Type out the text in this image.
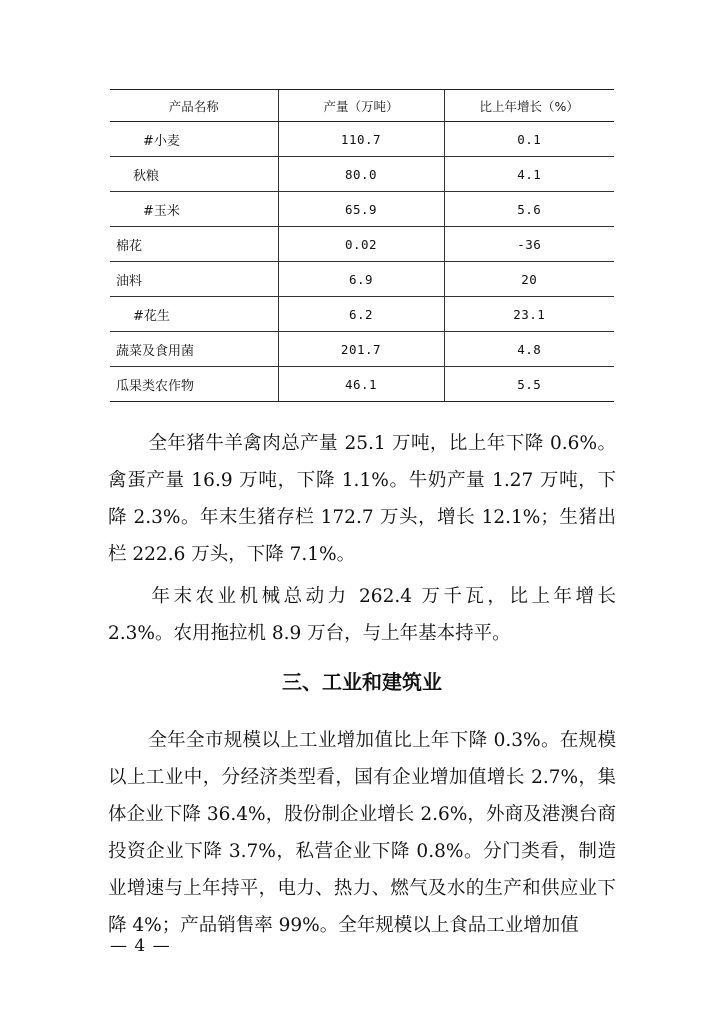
产品名称	产量（万吨）	比上年增长（%）
#小麦	110.7	0.1
秋粮	80.0	4.1
#玉米	65.9	5.6
棉花	0.02	-36
油料	6.9	20
#花生	6.2	23.1
蔬菜及食用菌	201.7	4.8
瓜果类农作物	46.1	5.5

全年猪牛羊禽肉总产量 25.1 万吨，比上年下降 0.6%。禽蛋产量 16.9 万吨，下降 1.1%。牛奶产量 1.27 万吨，下降 2.3%。年末生猪存栏 172.7 万头，增长 12.1%；生猪出栏 222.6 万头，下降 7.1%。

年末农业机械总动力 262.4 万千瓦，比上年增长 2.3%。农用拖拉机 8.9 万台，与上年基本持平。

三、工业和建筑业

全年全市规模以上工业增加值比上年下降 0.3%。在规模以上工业中，分经济类型看，国有企业增加值增长 2.7%，集体企业下降 36.4%，股份制企业增长 2.6%，外商及港澳台商投资企业下降 3.7%，私营企业下降 0.8%。分门类看，制造业增速与上年持平，电力、热力、燃气及水的生产和供应业下降 4%；产品销售率 99%。全年规模以上食品工业增加值

— 4 —
